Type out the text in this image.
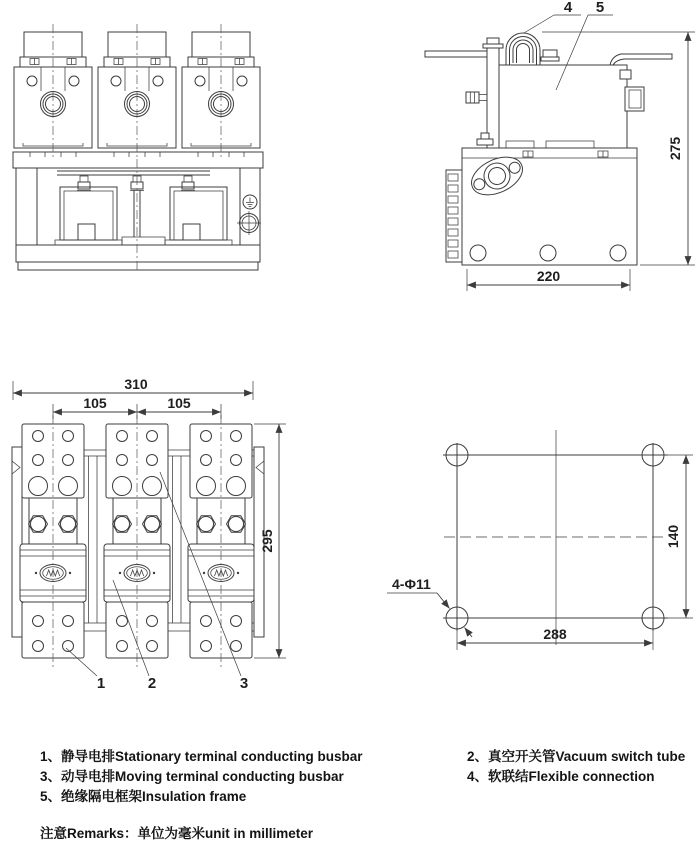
4 5
275
220
310
105	105
295
1	2	3
140
288
4-Φ11
1、静导电排Stationary terminal conducting busbar
3、动导电排Moving terminal conducting busbar
5、绝缘隔电框架Insulation frame
2、真空开关管Vacuum switch tube
4、软联结Flexible connection
注意Remarks：单位为毫米unit in millimeter
